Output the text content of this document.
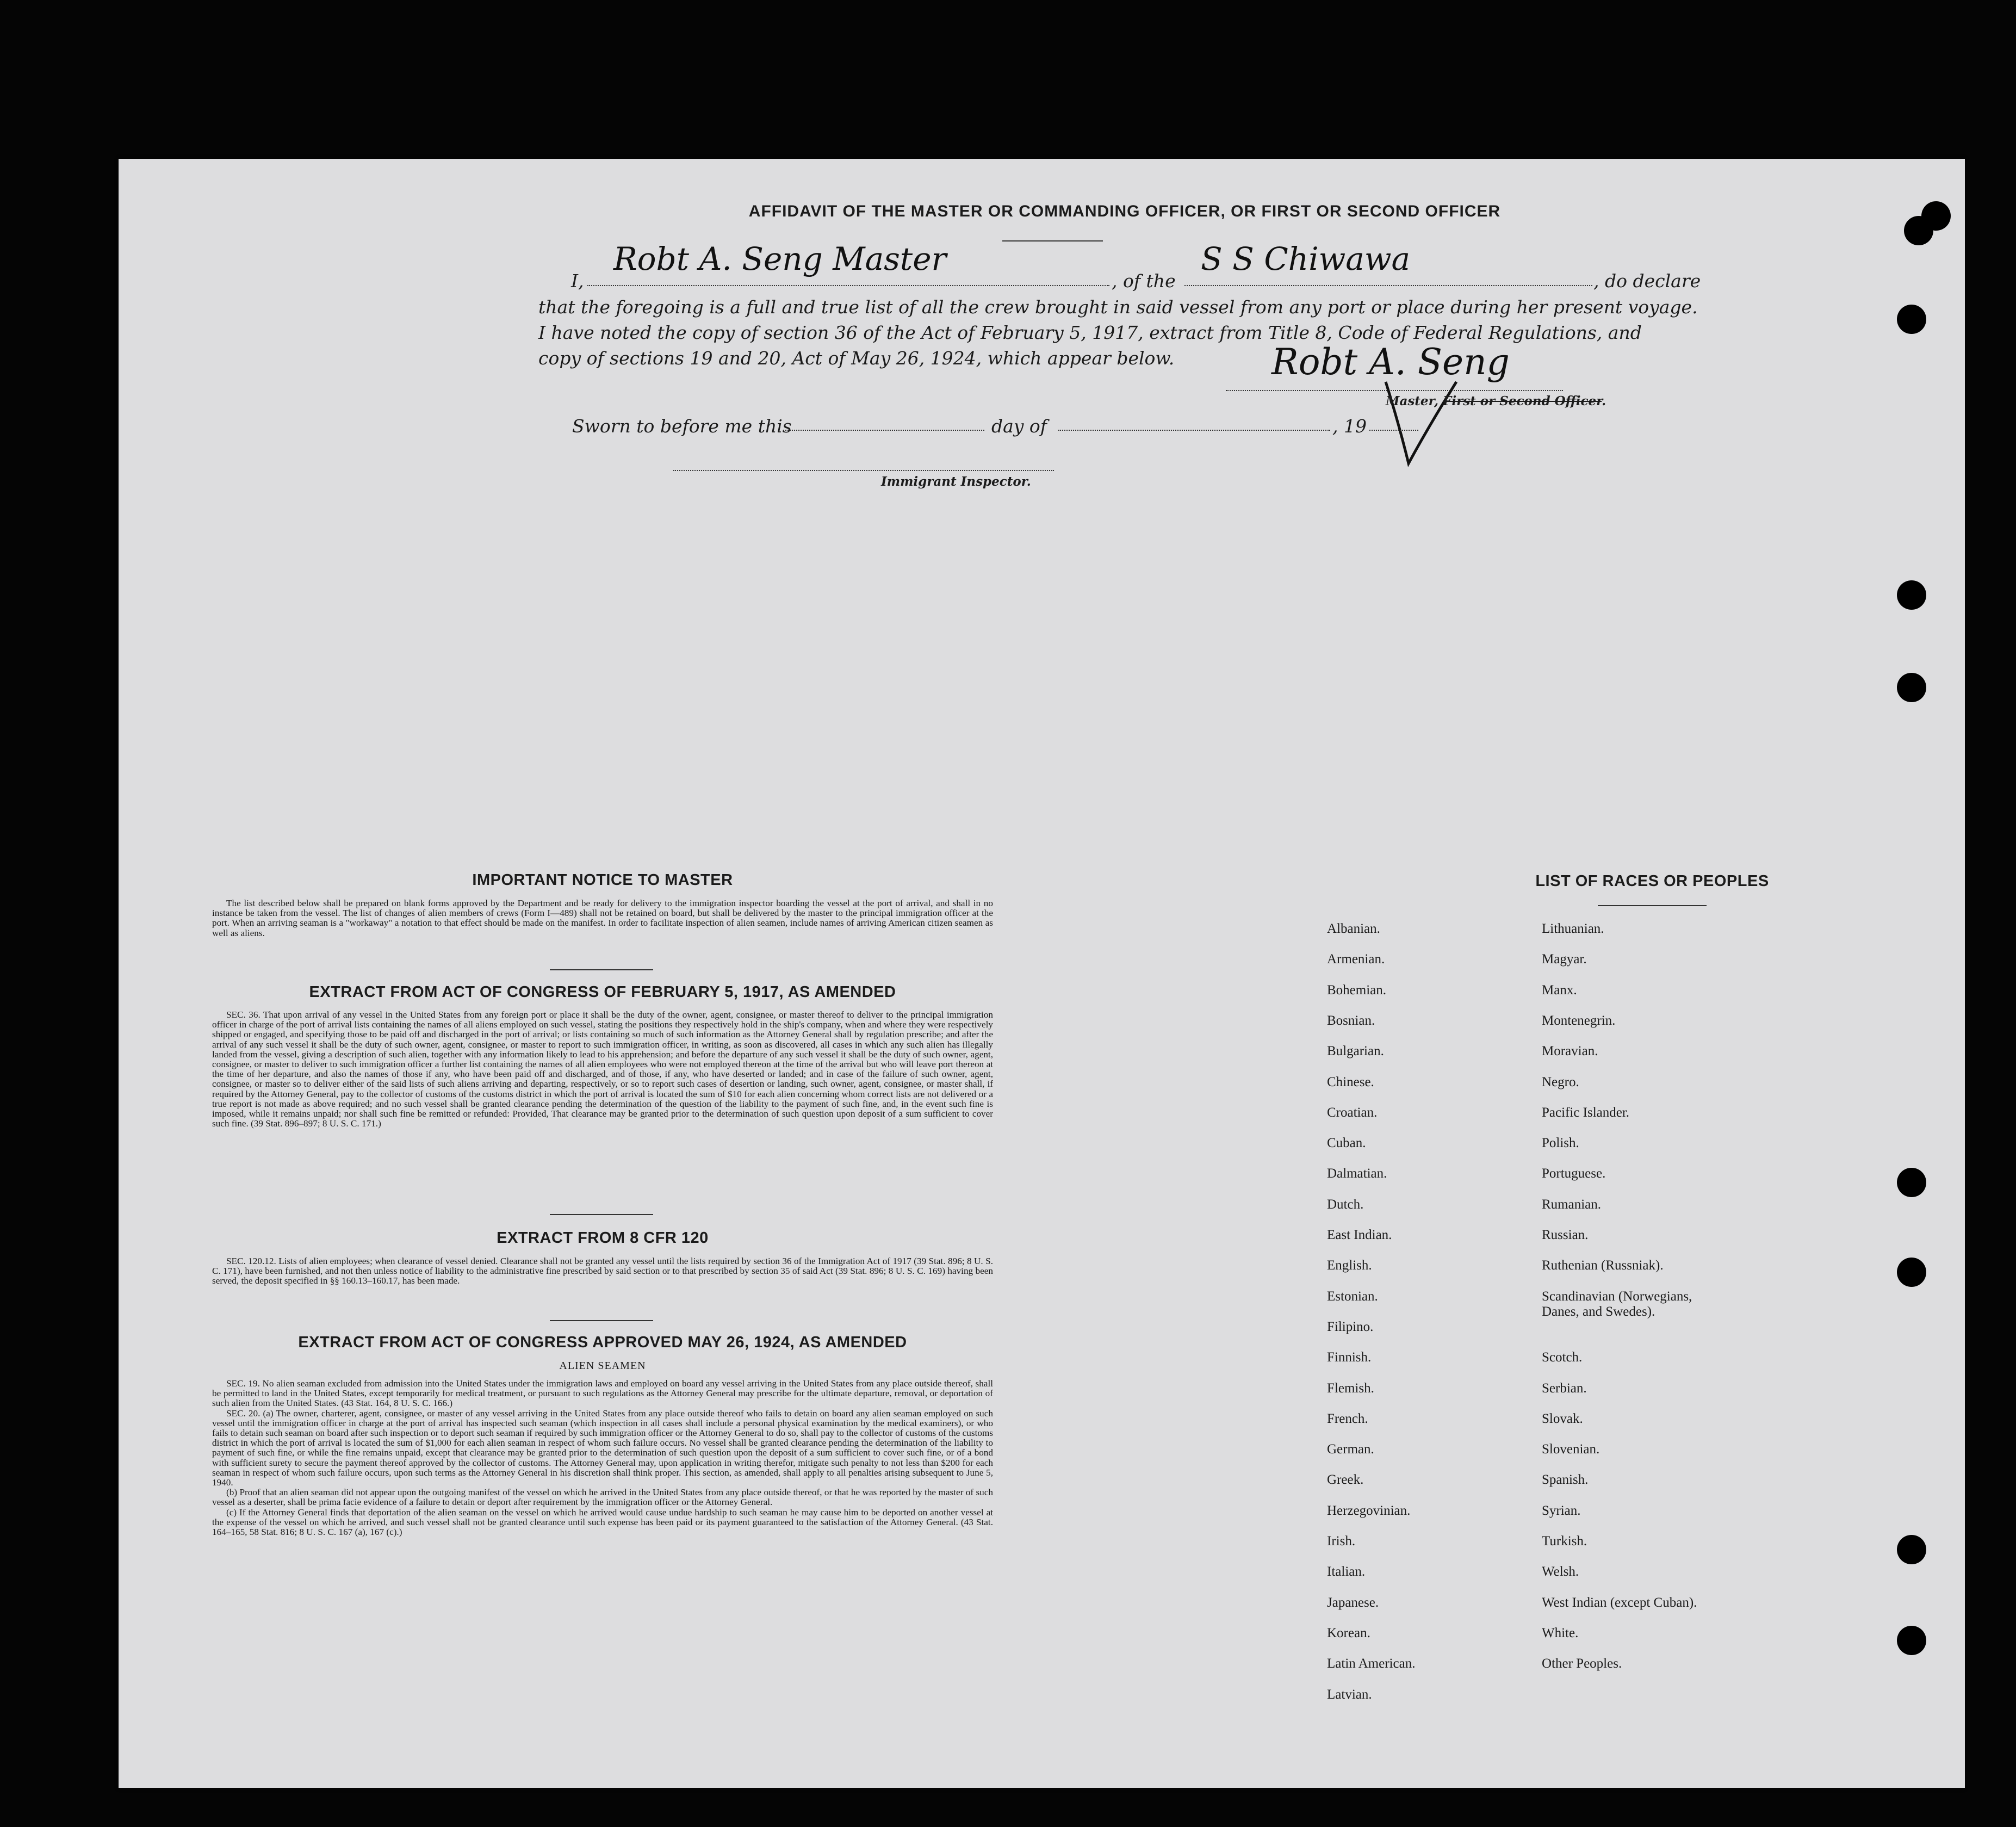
AFFIDAVIT OF THE MASTER OR COMMANDING OFFICER, OR FIRST OR SECOND OFFICER
I,
Robt A. Seng Master
, of the
S S Chiwawa
, do declare
that the foregoing is a full and true list of all the crew brought in said vessel from any port or place during her present voyage.
I have noted the copy of section 36 of the Act of February 5, 1917, extract from Title 8, Code of Federal Regulations, and
copy of sections 19 and 20, Act of May 26, 1924, which appear below.	Robt A. Seng
Master, First or Second Officer.
Sworn to before me this	day of	, 19
Immigrant Inspector.
IMPORTANT NOTICE TO MASTER

The list described below shall be prepared on blank forms approved by the Department and be ready for delivery to the immigration inspector boarding the vessel at the port of arrival, and shall in no instance be taken from the vessel. The list of changes of alien members of crews (Form I—489) shall not be retained on board, but shall be delivered by the master to the principal immigration officer at the port. When an arriving seaman is a "workaway" a notation to that effect should be made on the manifest. In order to facilitate inspection of alien seamen, include names of arriving American citizen seamen as well as aliens.

EXTRACT FROM ACT OF CONGRESS OF FEBRUARY 5, 1917, AS AMENDED

SEC. 36. That upon arrival of any vessel in the United States from any foreign port or place it shall be the duty of the owner, agent, consignee, or master thereof to deliver to the principal immigration officer in charge of the port of arrival lists containing the names of all aliens employed on such vessel, stating the positions they respectively hold in the ship's company, when and where they were respectively shipped or engaged, and specifying those to be paid off and discharged in the port of arrival; or lists containing so much of such information as the Attorney General shall by regulation prescribe; and after the arrival of any such vessel it shall be the duty of such owner, agent, consignee, or master to report to such immigration officer, in writing, as soon as discovered, all cases in which any such alien has illegally landed from the vessel, giving a description of such alien, together with any information likely to lead to his apprehension; and before the departure of any such vessel it shall be the duty of such owner, agent, consignee, or master to deliver to such immigration officer a further list containing the names of all alien employees who were not employed thereon at the time of the arrival but who will leave port thereon at the time of her departure, and also the names of those if any, who have been paid off and discharged, and of those, if any, who have deserted or landed; and in case of the failure of such owner, agent, consignee, or master so to deliver either of the said lists of such aliens arriving and departing, respectively, or so to report such cases of desertion or landing, such owner, agent, consignee, or master shall, if required by the Attorney General, pay to the collector of customs of the customs district in which the port of arrival is located the sum of $10 for each alien concerning whom correct lists are not delivered or a true report is not made as above required; and no such vessel shall be granted clearance pending the determination of the question of the liability to the payment of such fine, and, in the event such fine is imposed, while it remains unpaid; nor shall such fine be remitted or refunded: Provided, That clearance may be granted prior to the determination of such question upon deposit of a sum sufficient to cover such fine. (39 Stat. 896–897; 8 U. S. C. 171.)

EXTRACT FROM 8 CFR 120

SEC. 120.12. Lists of alien employees; when clearance of vessel denied. Clearance shall not be granted any vessel until the lists required by section 36 of the Immigration Act of 1917 (39 Stat. 896; 8 U. S. C. 171), have been furnished, and not then unless notice of liability to the administrative fine prescribed by said section or to that prescribed by section 35 of said Act (39 Stat. 896; 8 U. S. C. 169) having been served, the deposit specified in §§ 160.13–160.17, has been made.

EXTRACT FROM ACT OF CONGRESS APPROVED MAY 26, 1924, AS AMENDED
ALIEN SEAMEN

SEC. 19. No alien seaman excluded from admission into the United States under the immigration laws and employed on board any vessel arriving in the United States from any place outside thereof, shall be permitted to land in the United States, except temporarily for medical treatment, or pursuant to such regulations as the Attorney General may prescribe for the ultimate departure, removal, or deportation of such alien from the United States. (43 Stat. 164, 8 U. S. C. 166.)

SEC. 20. (a) The owner, charterer, agent, consignee, or master of any vessel arriving in the United States from any place outside thereof who fails to detain on board any alien seaman employed on such vessel until the immigration officer in charge at the port of arrival has inspected such seaman (which inspection in all cases shall include a personal physical examination by the medical examiners), or who fails to detain such seaman on board after such inspection or to deport such seaman if required by such immigration officer or the Attorney General to do so, shall pay to the collector of customs of the customs district in which the port of arrival is located the sum of $1,000 for each alien seaman in respect of whom such failure occurs. No vessel shall be granted clearance pending the determination of the liability to payment of such fine, or while the fine remains unpaid, except that clearance may be granted prior to the determination of such question upon the deposit of a sum sufficient to cover such fine, or of a bond with sufficient surety to secure the payment thereof approved by the collector of customs. The Attorney General may, upon application in writing therefor, mitigate such penalty to not less than $200 for each seaman in respect of whom such failure occurs, upon such terms as the Attorney General in his discretion shall think proper. This section, as amended, shall apply to all penalties arising subsequent to June 5, 1940.

(b) Proof that an alien seaman did not appear upon the outgoing manifest of the vessel on which he arrived in the United States from any place outside thereof, or that he was reported by the master of such vessel as a deserter, shall be prima facie evidence of a failure to detain or deport after requirement by the immigration officer or the Attorney General.

(c) If the Attorney General finds that deportation of the alien seaman on the vessel on which he arrived would cause undue hardship to such seaman he may cause him to be deported on another vessel at the expense of the vessel on which he arrived, and such vessel shall not be granted clearance until such expense has been paid or its payment guaranteed to the satisfaction of the Attorney General. (43 Stat. 164–165, 58 Stat. 816; 8 U. S. C. 167 (a), 167 (c).)

LIST OF RACES OR PEOPLES
Albanian.
Armenian.
Bohemian.
Bosnian.
Bulgarian.
Chinese.
Croatian.
Cuban.
Dalmatian.
Dutch.
East Indian.
English.
Estonian.
Filipino.
Finnish.
Flemish.
French.
German.
Greek.
Herzegovinian.
Irish.
Italian.
Japanese.
Korean.
Latin American.
Latvian.
Lithuanian.
Magyar.
Manx.
Montenegrin.
Moravian.
Negro.
Pacific Islander.
Polish.
Portuguese.
Rumanian.
Russian.
Ruthenian (Russniak).
Scandinavian (Norwegians, Danes, and Swedes).
Scotch.
Serbian.
Slovak.
Slovenian.
Spanish.
Syrian.
Turkish.
Welsh.
West Indian (except Cuban).
White.
Other Peoples.
